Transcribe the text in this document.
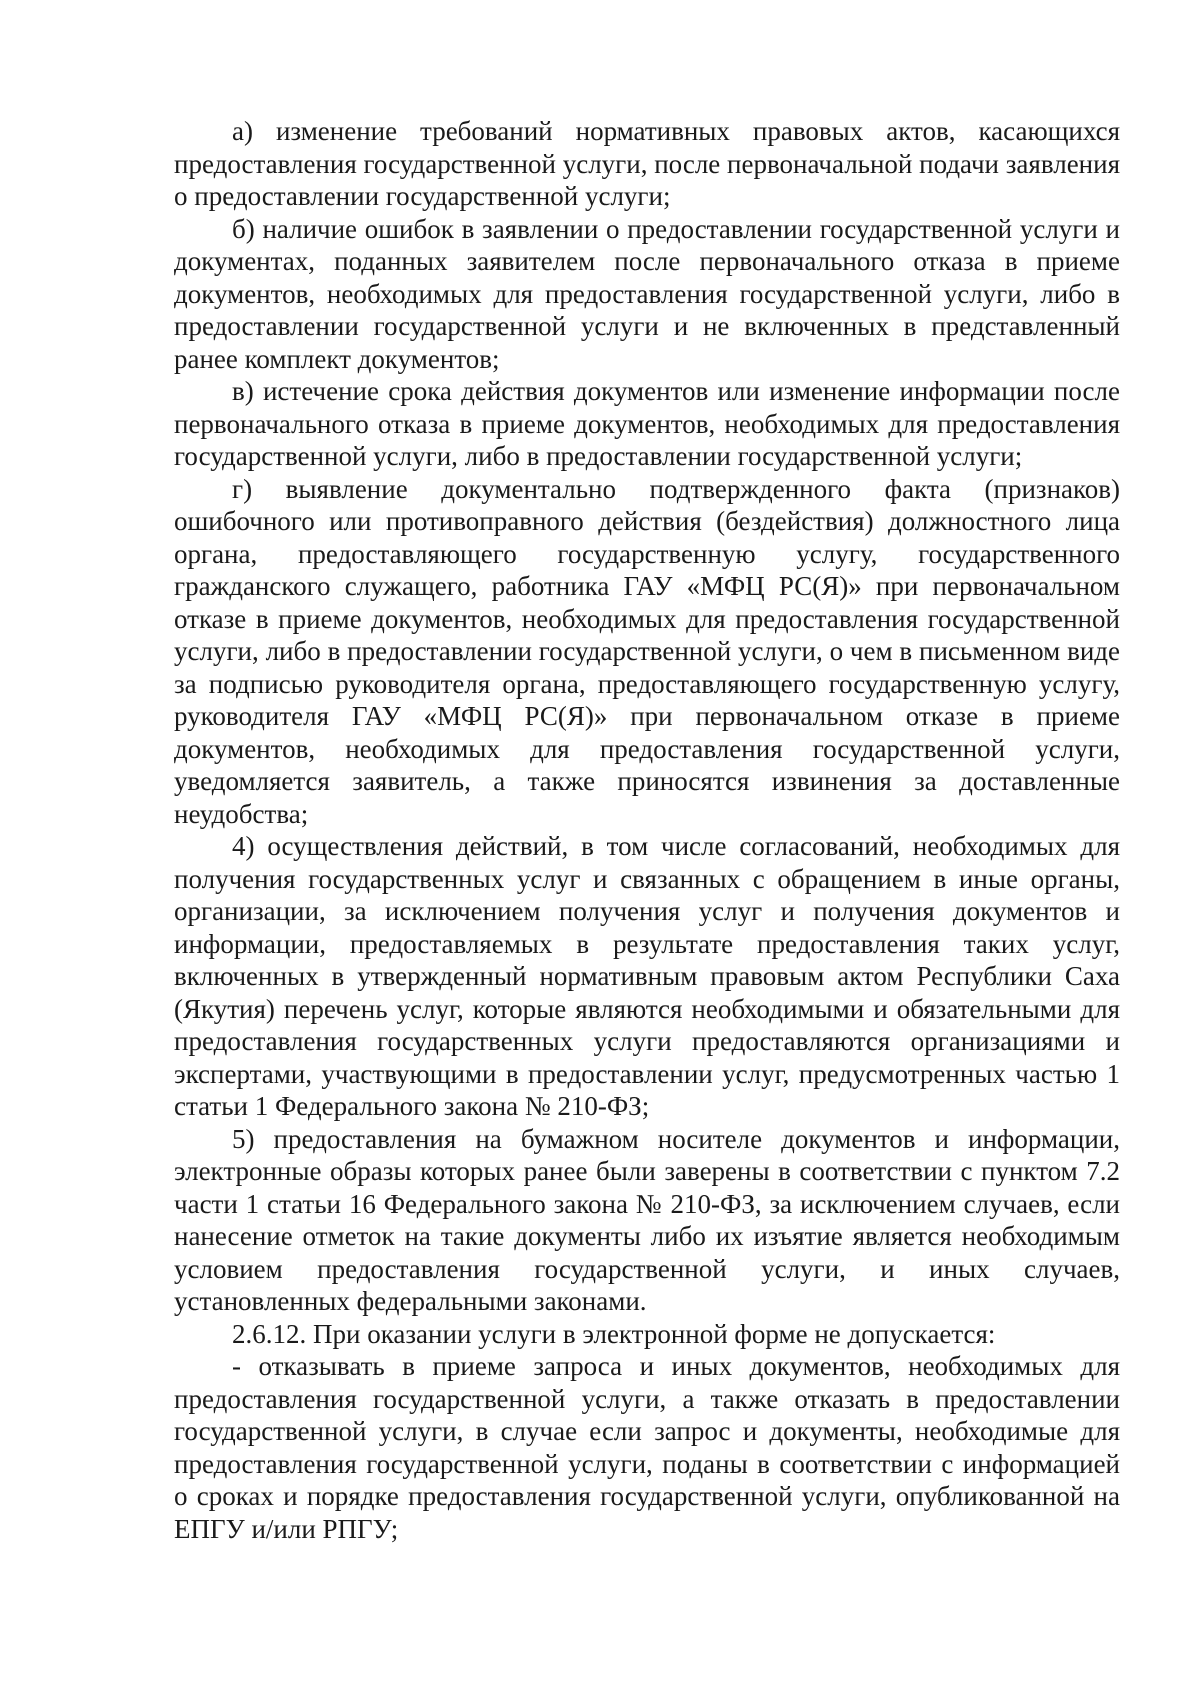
а) изменение требований нормативных правовых актов, касающихся предоставления государственной услуги, после первоначальной подачи заявления о предоставлении государственной услуги;

б) наличие ошибок в заявлении о предоставлении государственной услуги и документах, поданных заявителем после первоначального отказа в приеме документов, необходимых для предоставления государственной услуги, либо в предоставлении государственной услуги и не включенных в представленный ранее комплект документов;

в) истечение срока действия документов или изменение информации после первоначального отказа в приеме документов, необходимых для предоставления государственной услуги, либо в предоставлении государственной услуги;

г) выявление документально подтвержденного факта (признаков) ошибочного или противоправного действия (бездействия) должностного лица органа, предоставляющего государственную услугу, государственного гражданского служащего, работника ГАУ «МФЦ РС(Я)» при первоначальном отказе в приеме документов, необходимых для предоставления государственной услуги, либо в предоставлении государственной услуги, о чем в письменном виде за подписью руководителя органа, предоставляющего государственную услугу, руководителя ГАУ «МФЦ РС(Я)» при первоначальном отказе в приеме документов, необходимых для предоставления государственной услуги, уведомляется заявитель, а также приносятся извинения за доставленные неудобства;

4) осуществления действий, в том числе согласований, необходимых для получения государственных услуг и связанных с обращением в иные органы, организации, за исключением получения услуг и получения документов и информации, предоставляемых в результате предоставления таких услуг, включенных в утвержденный нормативным правовым актом Республики Саха (Якутия) перечень услуг, которые являются необходимыми и обязательными для предоставления государственных услуги предоставляются организациями и экспертами, участвующими в предоставлении услуг, предусмотренных частью 1 статьи 1 Федерального закона № 210-ФЗ;

5) предоставления на бумажном носителе документов и информации, электронные образы которых ранее были заверены в соответствии с пунктом 7.2 части 1 статьи 16 Федерального закона № 210-ФЗ, за исключением случаев, если нанесение отметок на такие документы либо их изъятие является необходимым условием предоставления государственной услуги, и иных случаев, установленных федеральными законами.

2.6.12. При оказании услуги в электронной форме не допускается:

- отказывать в приеме запроса и иных документов, необходимых для предоставления государственной услуги, а также отказать в предоставлении государственной услуги, в случае если запрос и документы, необходимые для предоставления государственной услуги, поданы в соответствии с информацией о сроках и порядке предоставления государственной услуги, опубликованной на ЕПГУ и/или РПГУ;
